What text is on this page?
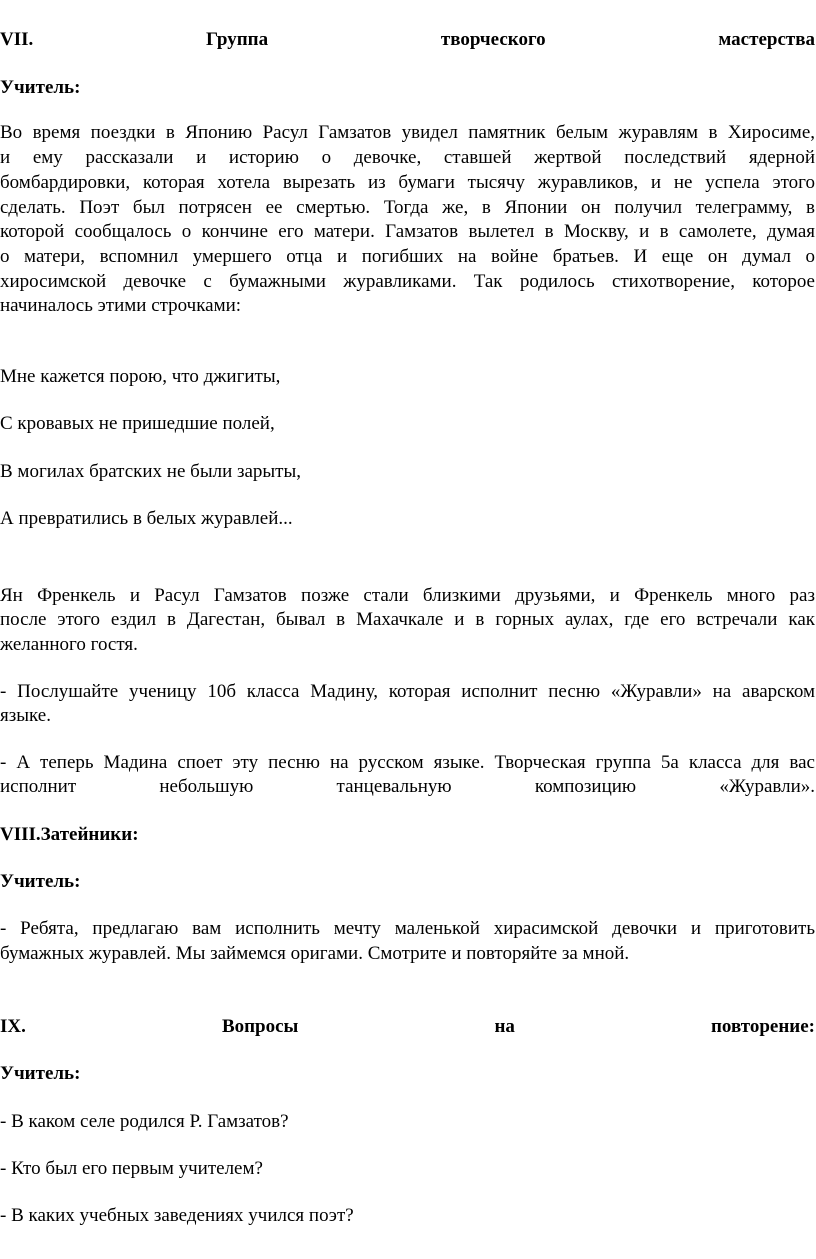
VII.	Группа	творческого	мастерства
Учитель:
Во время поездки в Японию Расул Гамзатов увидел памятник белым журавлям в Хиросиме,
и ему рассказали и историю о девочке, ставшей жертвой последствий ядерной
бомбардировки, которая хотела вырезать из бумаги тысячу журавликов, и не успела этого
сделать. Поэт был потрясен ее смертью. Тогда же, в Японии он получил телеграмму, в
которой сообщалось о кончине его матери. Гамзатов вылетел в Москву, и в самолете, думая
о матери, вспомнил умершего отца и погибших на войне братьев. И еще он думал о
хиросимской девочке с бумажными журавликами. Так родилось стихотворение, которое
начиналось этими строчками:
Мне кажется порою, что джигиты,
С кровавых не пришедшие полей,
В могилах братских не были зарыты,
А превратились в белых журавлей...
Ян Френкель и Расул Гамзатов позже стали близкими друзьями, и Френкель много раз
после этого ездил в Дагестан, бывал в Махачкале и в горных аулах, где его встречали как
желанного гостя.
- Послушайте ученицу 10б класса Мадину, которая исполнит песню «Журавли» на аварском
языке.
- А теперь Мадина споет эту песню на русском языке. Творческая группа 5а класса для вас
исполнит	небольшую	танцевальную	композицию	«Журавли».
VIII.Затейники:
Учитель:
- Ребята, предлагаю вам исполнить мечту маленькой хирасимской девочки и приготовить
бумажных журавлей. Мы займемся оригами. Смотрите и повторяйте за мной.
IX.	Вопросы	на	повторение:
Учитель:
- В каком селе родился Р. Гамзатов?
- Кто был его первым учителем?
- В каких учебных заведениях учился поэт?
